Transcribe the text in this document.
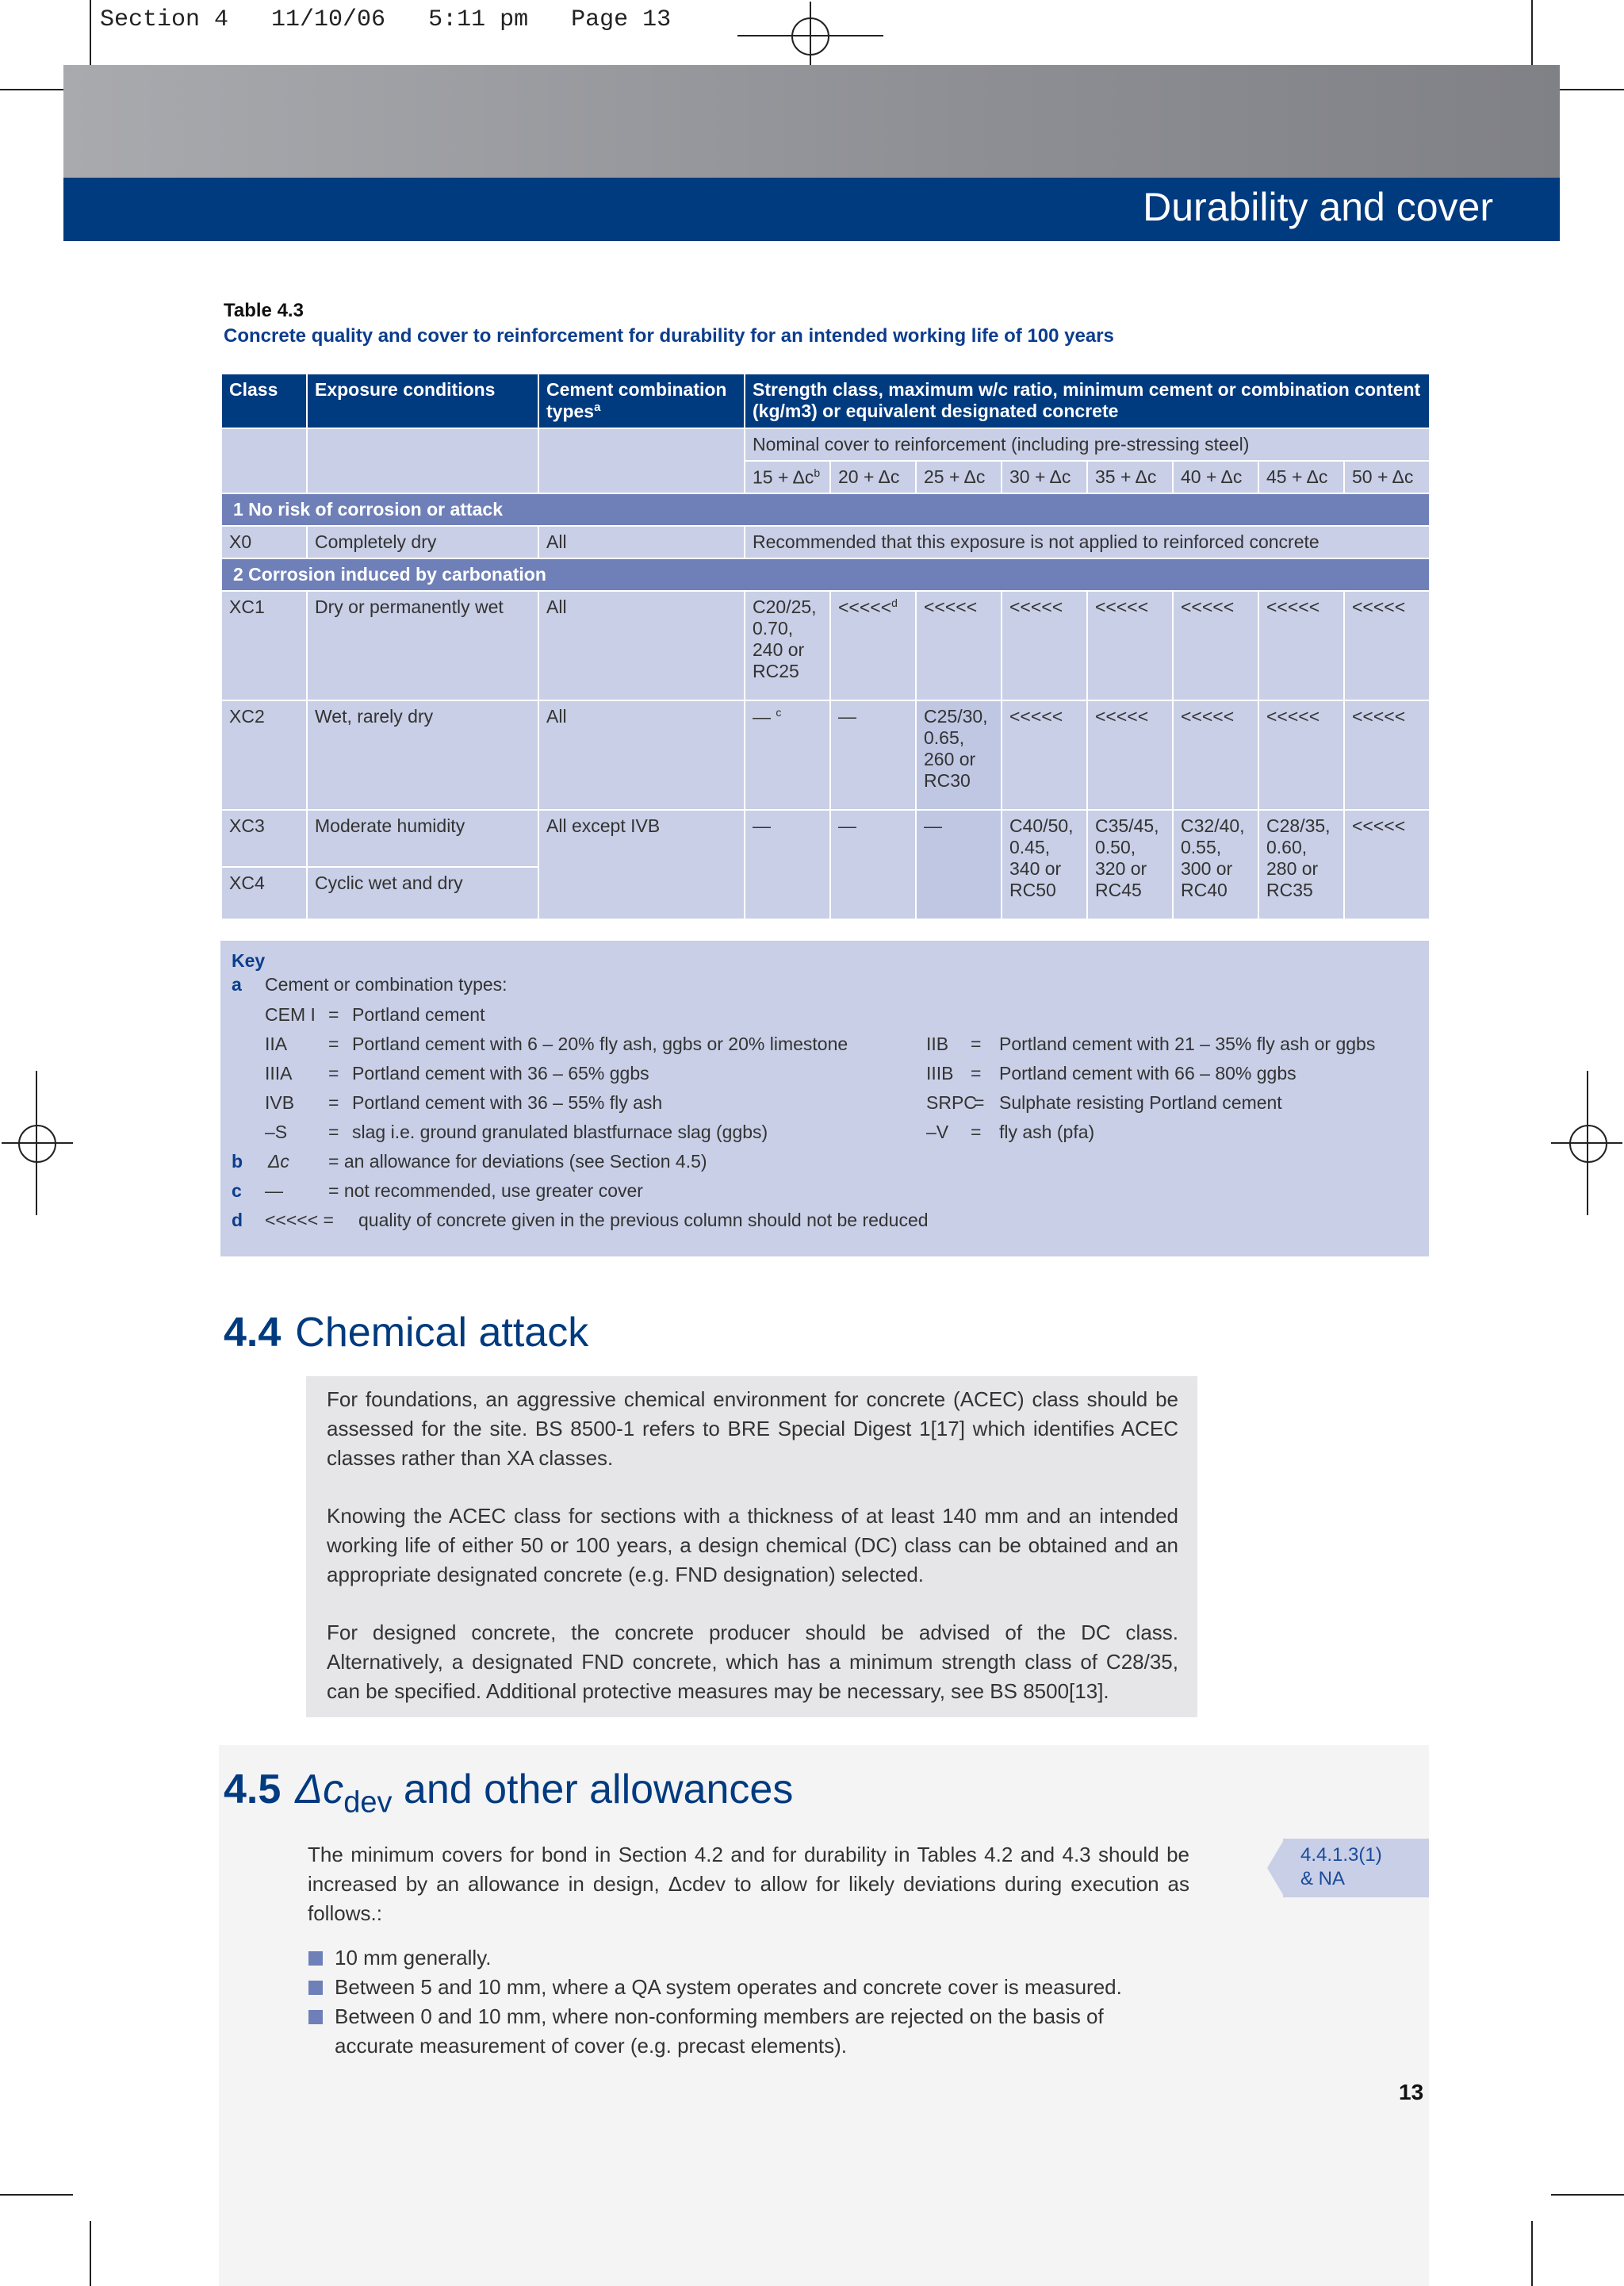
Section 4   11/10/06   5:11 pm   Page 13
Durability and cover
Table 4.3
Concrete quality and cover to reinforcement for durability for an intended working life of 100 years
Class	Exposure conditions	Cement combination types$^a$	Strength class, maximum w/c ratio, minimum cement or combination content (kg/m3) or equivalent designated concrete							
			Nominal cover to reinforcement (including pre-stressing steel)							
			$15 + \Delta c^b$	20 + Δc	25 + Δc	30 + Δc	35 + Δc	40 + Δc	45 + Δc	50 + Δc
1 No risk of corrosion or attack										
X0	Completely dry	All	Recommended that this exposure is not applied to reinforced concrete							
2 Corrosion induced by carbonation										
XC1	Dry or permanently wet	All	C20/25, 0.70, 240 or RC25	<<<<<$^d$	<<<<<	<<<<<	<<<<<	<<<<<	<<<<<	<<<<<
XC2	Wet, rarely dry	All	— $^c$	—	C25/30, 0.65, 260 or RC30	<<<<<	<<<<<	<<<<<	<<<<<	<<<<<
XC3	Moderate humidity	All except IVB	—	—	—	C40/50, 0.45, 340 or RC50	C35/45, 0.50, 320 or RC45	C32/40, 0.55, 300 or RC40	C28/35, 0.60, 280 or RC35	<<<<<
XC4	Cyclic wet and dry									
Key
a Cement or combination types:
CEM I = Portland cement
IIA = Portland cement with 6 – 20% fly ash, ggbs or 20% limestone
IIIA = Portland cement with 36 – 65% ggbs
IVB = Portland cement with 36 – 55% fly ash
–S = slag i.e. ground granulated blastfurnace slag (ggbs)
IIB = Portland cement with 21 – 35% fly ash or ggbs
IIIB = Portland cement with 66 – 80% ggbs
SRPC
= Sulphate resisting Portland cement
–V = fly ash (pfa)
b Δc = an allowance for deviations (see Section 4.5)
c — = not recommended, use greater cover
d <<<<< = quality of concrete given in the previous column should not be reduced
4.4 Chemical attack
For foundations, an aggressive chemical environment for concrete (ACEC) class should be assessed for the site. BS 8500-1 refers to BRE Special Digest 1[17] which identifies ACEC classes rather than XA classes.
Knowing the ACEC class for sections with a thickness of at least 140 mm and an intended working life of either 50 or 100 years, a design chemical (DC) class can be obtained and an appropriate designated concrete (e.g. FND designation) selected.
For designed concrete, the concrete producer should be advised of the DC class. Alternatively, a designated FND concrete, which has a minimum strength class of C28/35, can be specified. Additional protective measures may be necessary, see BS 8500[13].
4.5 $\Delta c_{dev}$ and other allowances
The minimum covers for bond in Section 4.2 and for durability in Tables 4.2 and 4.3 should be increased by an allowance in design, Δcdev to allow for likely deviations during execution as follows.:
4.4.1.3(1)
& NA
10 mm generally.
Between 5 and 10 mm, where a QA system operates and concrete cover is measured.
Between 0 and 10 mm, where non-conforming members are rejected on the basis of accurate measurement of cover (e.g. precast elements).
13
